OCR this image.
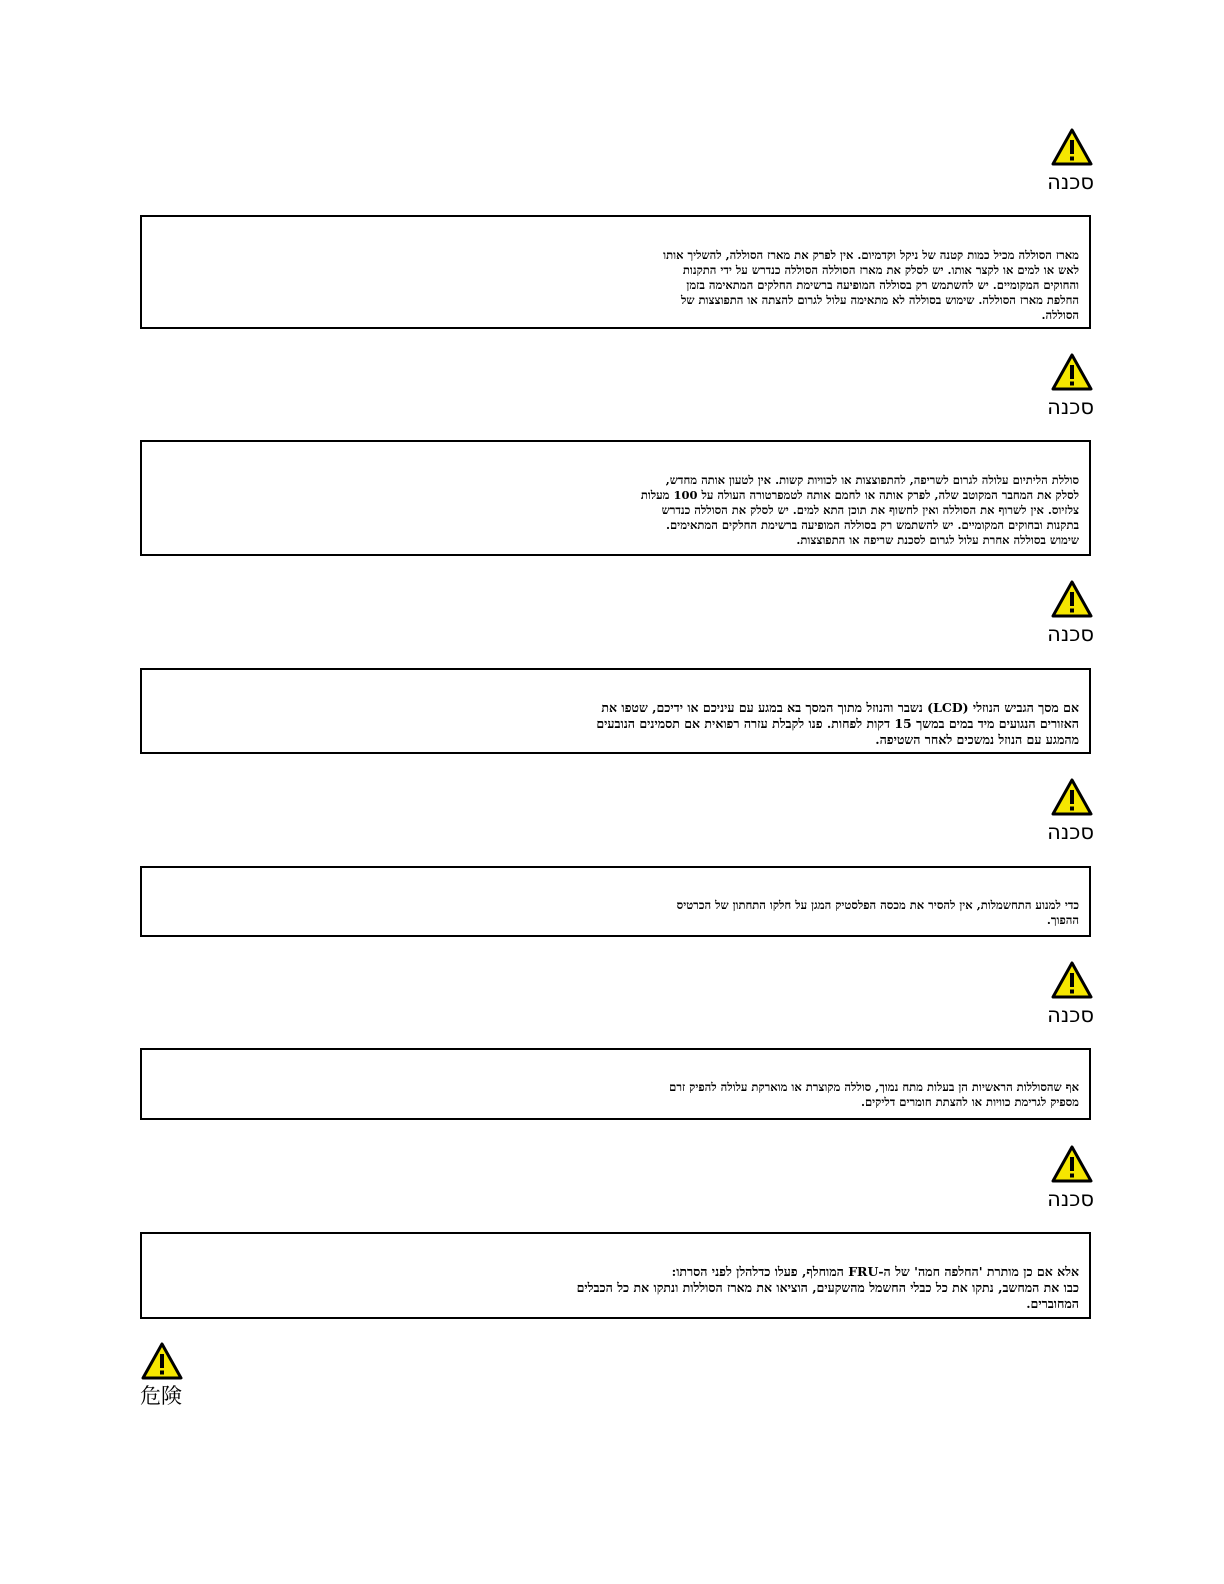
סכנה

מארז הסוללה מכיל כמות קטנה של ניקל וקדמיום. אין לפרק את מארז הסוללה, להשליך אותו
לאש או למים או לקצר אותו. יש לסלק את מארז הסוללה הסוללה כנדרש על ידי התקנות
והחוקים המקומיים. יש להשתמש רק בסוללה המופיעה ברשימת החלקים המתאימה בזמן
החלפת מארז הסוללה. שימוש בסוללה לא מתאימה עלול לגרום להצתה או התפוצצות של
הסוללה.

סכנה

סוללת הליתיום עלולה לגרום לשריפה, להתפוצצות או לכוויות קשות. אין לטעון אותה מחדש,
לסלק את המחבר המקוטב שלה, לפרק אותה או לחמם אותה לטמפרטורה העולה על 100 מעלות
צלזיוס. אין לשרוף את הסוללה ואין לחשוף את תוכן התא למים. יש לסלק את הסוללה כנדרש
בתקנות ובחוקים המקומיים. יש להשתמש רק בסוללה המופיעה ברשימת החלקים המתאימים.
שימוש בסוללה אחרת עלול לגרום לסכנת שריפה או התפוצצות.

סכנה

אם מסך הגביש הנוזלי (LCD) נשבר והנוזל מתוך המסך בא במגע עם עיניכם או ידיכם, שטפו את
האזורים הנגועים מיד במים במשך 15 דקות לפחות. פנו לקבלת עזרה רפואית אם תסמינים הנובעים
מהמגע עם הנוזל נמשכים לאחר השטיפה.

סכנה

כדי למנוע התחשמלות, אין להסיר את מכסה הפלסטיק המגן על חלקו התחתון של הכרטיס
ההפוך.

סכנה

אף שהסוללות הראשיות הן בעלות מתח נמוך, סוללה מקוצרת או מוארקת עלולה להפיק זרם
מספיק לגרימת כוויות או להצתת חומרים דליקים.

סכנה

אלא אם כן מותרת 'החלפה חמה' של ה-FRU המוחלף, פעלו כדלהלן לפני הסרתו:
כבו את המחשב, נתקו את כל כבלי החשמל מהשקעים, הוציאו את מארז הסוללות ונתקו את כל הכבלים
המחוברים.

危険
